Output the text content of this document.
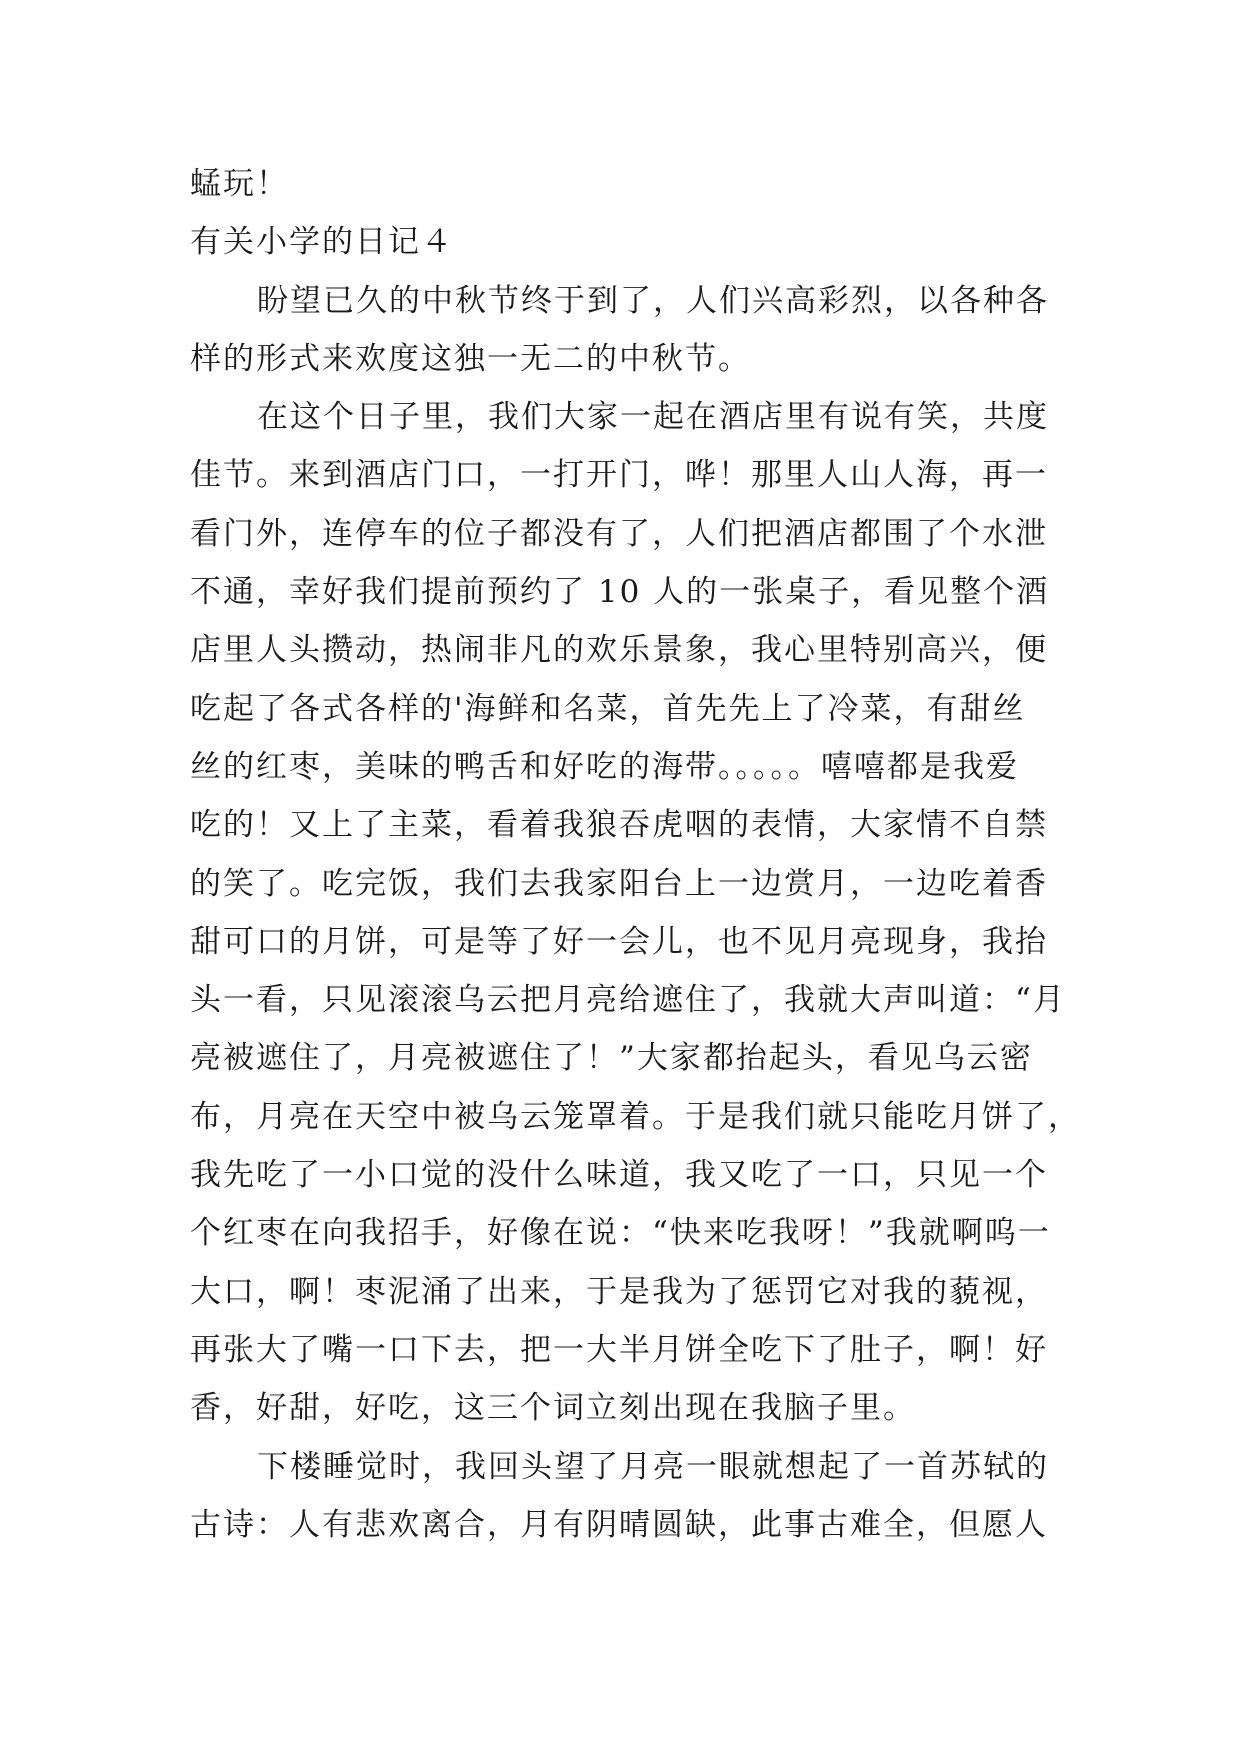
蜢玩！
有关小学的日记４
盼望已久的中秋节终于到了，人们兴高彩烈，以各种各
样的形式来欢度这独一无二的中秋节。
在这个日子里，我们大家一起在酒店里有说有笑，共度
佳节。来到酒店门口，一打开门，哗！那里人山人海，再一
看门外，连停车的位子都没有了，人们把酒店都围了个水泄
不通，幸好我们提前预约了 10 人的一张桌子，看见整个酒
店里人头攒动，热闹非凡的欢乐景象，我心里特别高兴，便
吃起了各式各样的'海鲜和名菜，首先先上了冷菜，有甜丝
丝的红枣，美味的鸭舌和好吃的海带。。。。。嘻嘻都是我爱
吃的！又上了主菜，看着我狼吞虎咽的表情，大家情不自禁
的笑了。吃完饭，我们去我家阳台上一边赏月，一边吃着香
甜可口的月饼，可是等了好一会儿，也不见月亮现身，我抬
头一看，只见滚滚乌云把月亮给遮住了，我就大声叫道：“月
亮被遮住了，月亮被遮住了！”大家都抬起头，看见乌云密
布，月亮在天空中被乌云笼罩着。于是我们就只能吃月饼了，
我先吃了一小口觉的没什么味道，我又吃了一口，只见一个
个红枣在向我招手，好像在说：“快来吃我呀！”我就啊呜一
大口，啊！枣泥涌了出来，于是我为了惩罚它对我的藐视，
再张大了嘴一口下去，把一大半月饼全吃下了肚子，啊！好
香，好甜，好吃，这三个词立刻出现在我脑子里。
下楼睡觉时，我回头望了月亮一眼就想起了一首苏轼的
古诗：人有悲欢离合，月有阴晴圆缺，此事古难全，但愿人
